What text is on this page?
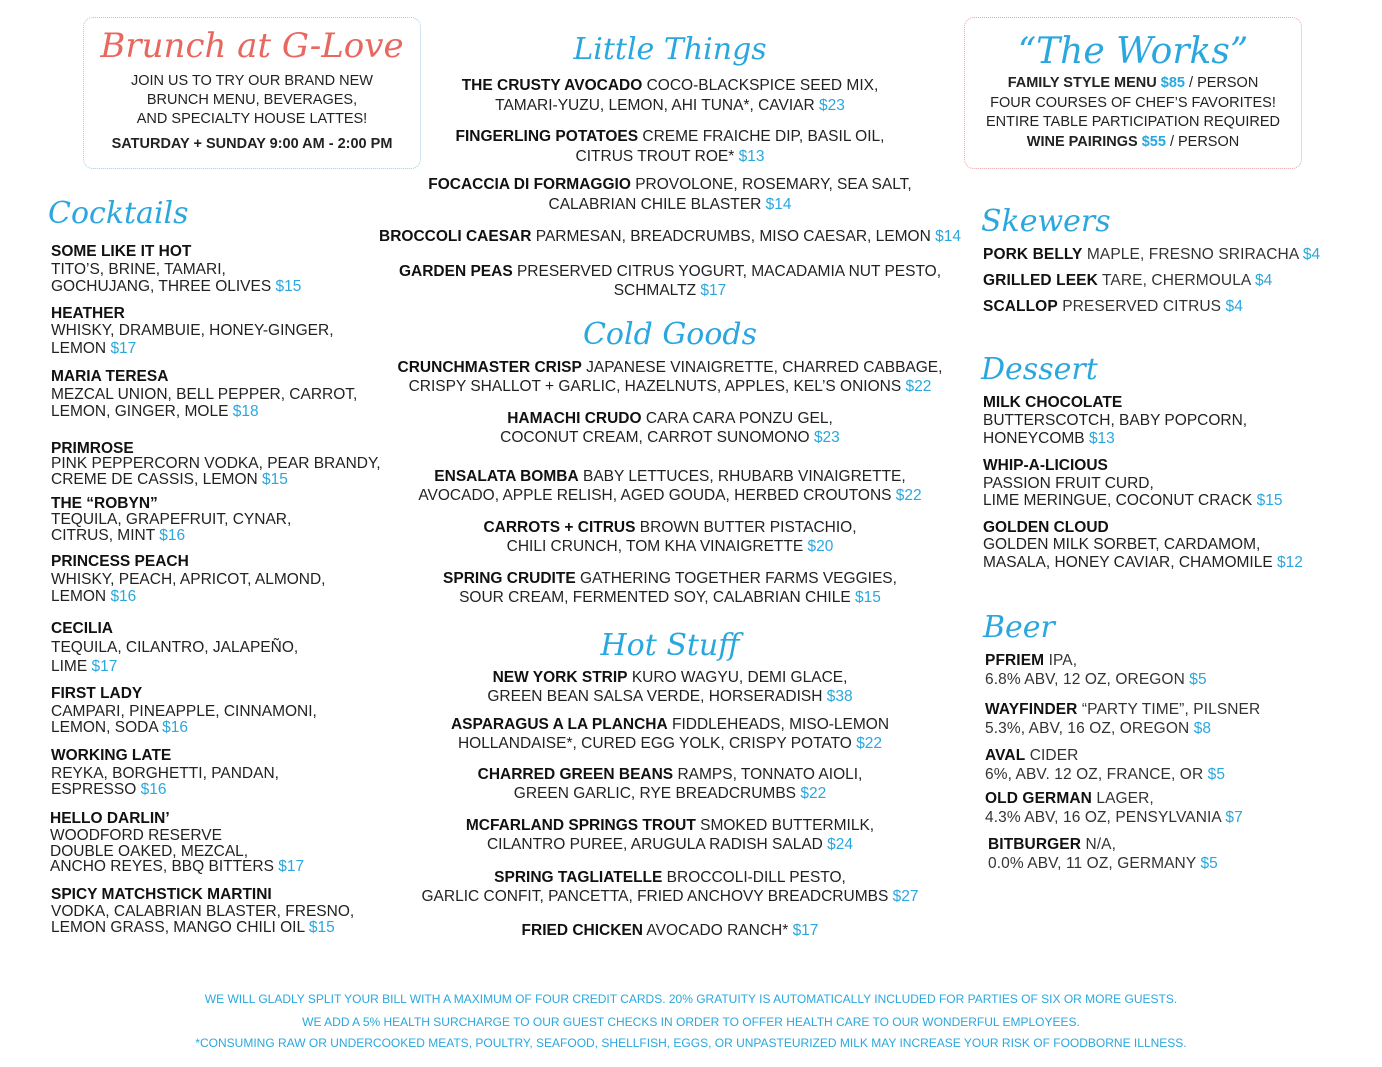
Brunch at G-Love
JOIN US TO TRY OUR BRAND NEW
BRUNCH MENU, BEVERAGES,
AND SPECIALTY HOUSE LATTES!
SATURDAY + SUNDAY 9:00 AM - 2:00 PM
“The Works”
FAMILY STYLE MENU $85 / PERSON
FOUR COURSES OF CHEF’S FAVORITES!
ENTIRE TABLE PARTICIPATION REQUIRED
WINE PAIRINGS $55 / PERSON
Cocktails
SOME LIKE IT HOT
TITO’S, BRINE, TAMARI,
GOCHUJANG, THREE OLIVES $15
HEATHER
WHISKY, DRAMBUIE, HONEY-GINGER,
LEMON $17
MARIA TERESA
MEZCAL UNION, BELL PEPPER, CARROT,
LEMON, GINGER, MOLE $18
PRIMROSE
PINK PEPPERCORN VODKA, PEAR BRANDY,
CREME DE CASSIS, LEMON $15
THE “ROBYN”
TEQUILA, GRAPEFRUIT, CYNAR,
CITRUS, MINT $16
PRINCESS PEACH
WHISKY, PEACH, APRICOT, ALMOND,
LEMON $16
CECILIA
TEQUILA, CILANTRO, JALAPEÑO,
LIME $17
FIRST LADY
CAMPARI, PINEAPPLE, CINNAMONI,
LEMON, SODA $16
WORKING LATE
REYKA, BORGHETTI, PANDAN,
ESPRESSO $16
HELLO DARLIN’
WOODFORD RESERVE
DOUBLE OAKED, MEZCAL,
ANCHO REYES, BBQ BITTERS $17
SPICY MATCHSTICK MARTINI
VODKA, CALABRIAN BLASTER, FRESNO,
LEMON GRASS, MANGO CHILI OIL $15
Little Things
THE CRUSTY AVOCADO COCO-BLACKSPICE SEED MIX,
TAMARI-YUZU, LEMON, AHI TUNA*, CAVIAR $23
FINGERLING POTATOES CREME FRAICHE DIP, BASIL OIL,
CITRUS TROUT ROE* $13
FOCACCIA DI FORMAGGIO PROVOLONE, ROSEMARY, SEA SALT,
CALABRIAN CHILE BLASTER $14
BROCCOLI CAESAR PARMESAN, BREADCRUMBS, MISO CAESAR, LEMON $14
GARDEN PEAS PRESERVED CITRUS YOGURT, MACADAMIA NUT PESTO,
SCHMALTZ $17
Cold Goods
CRUNCHMASTER CRISP JAPANESE VINAIGRETTE, CHARRED CABBAGE,
CRISPY SHALLOT + GARLIC, HAZELNUTS, APPLES, KEL’S ONIONS $22
HAMACHI CRUDO CARA CARA PONZU GEL,
COCONUT CREAM, CARROT SUNOMONO $23
ENSALATA BOMBA BABY LETTUCES, RHUBARB VINAIGRETTE,
AVOCADO, APPLE RELISH, AGED GOUDA, HERBED CROUTONS $22
CARROTS + CITRUS BROWN BUTTER PISTACHIO,
CHILI CRUNCH, TOM KHA VINAIGRETTE $20
SPRING CRUDITE GATHERING TOGETHER FARMS VEGGIES,
SOUR CREAM, FERMENTED SOY, CALABRIAN CHILE $15
Hot Stuff
NEW YORK STRIP KURO WAGYU, DEMI GLACE,
GREEN BEAN SALSA VERDE, HORSERADISH $38
ASPARAGUS A LA PLANCHA FIDDLEHEADS, MISO-LEMON
HOLLANDAISE*, CURED EGG YOLK, CRISPY POTATO $22
CHARRED GREEN BEANS RAMPS, TONNATO AIOLI,
GREEN GARLIC, RYE BREADCRUMBS $22
MCFARLAND SPRINGS TROUT SMOKED BUTTERMILK,
CILANTRO PUREE, ARUGULA RADISH SALAD $24
SPRING TAGLIATELLE BROCCOLI-DILL PESTO,
GARLIC CONFIT, PANCETTA, FRIED ANCHOVY BREADCRUMBS $27
FRIED CHICKEN AVOCADO RANCH* $17
Skewers
PORK BELLY MAPLE, FRESNO SRIRACHA $4
GRILLED LEEK TARE, CHERMOULA $4
SCALLOP PRESERVED CITRUS $4
Dessert
MILK CHOCOLATE
BUTTERSCOTCH, BABY POPCORN,
HONEYCOMB $13
WHIP-A-LICIOUS
PASSION FRUIT CURD,
LIME MERINGUE, COCONUT CRACK $15
GOLDEN CLOUD
GOLDEN MILK SORBET, CARDAMOM,
MASALA, HONEY CAVIAR, CHAMOMILE $12
Beer
PFRIEM IPA,
6.8% ABV, 12 OZ, OREGON $5
WAYFINDER “PARTY TIME”, PILSNER
5.3%, ABV, 16 OZ, OREGON $8
AVAL CIDER
6%, ABV. 12 OZ, FRANCE, OR $5
OLD GERMAN LAGER,
4.3% ABV, 16 OZ, PENSYLVANIA $7
BITBURGER N/A,
0.0% ABV, 11 OZ, GERMANY $5
WE WILL GLADLY SPLIT YOUR BILL WITH A MAXIMUM OF FOUR CREDIT CARDS. 20% GRATUITY IS AUTOMATICALLY INCLUDED FOR PARTIES OF SIX OR MORE GUESTS.
WE ADD A 5% HEALTH SURCHARGE TO OUR GUEST CHECKS IN ORDER TO OFFER HEALTH CARE TO OUR WONDERFUL EMPLOYEES.
*CONSUMING RAW OR UNDERCOOKED MEATS, POULTRY, SEAFOOD, SHELLFISH, EGGS, OR UNPASTEURIZED MILK MAY INCREASE YOUR RISK OF FOODBORNE ILLNESS.
